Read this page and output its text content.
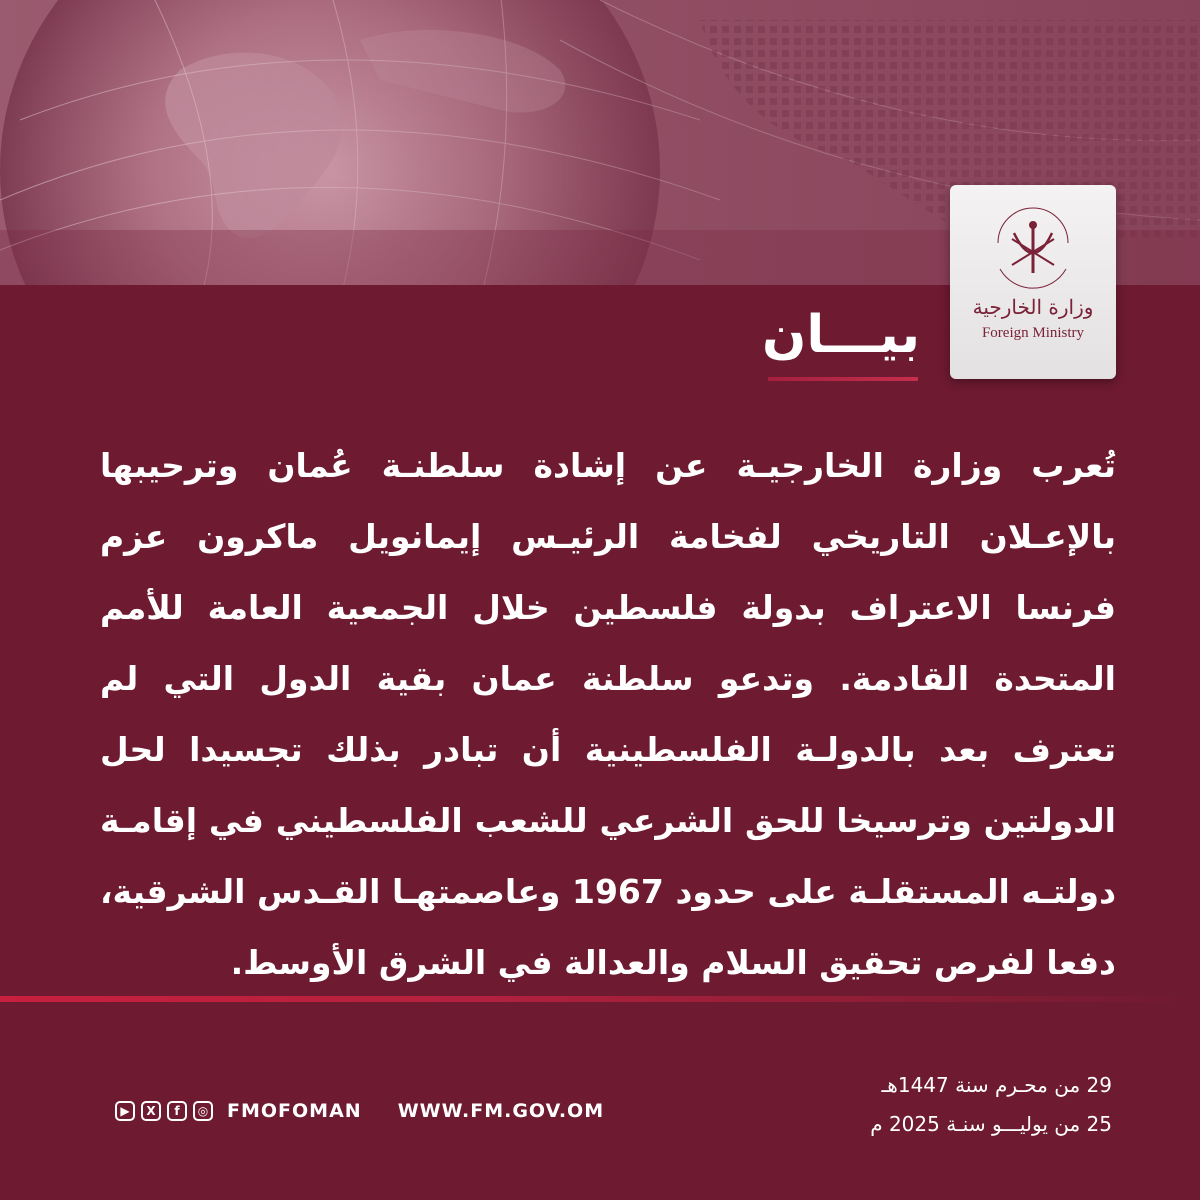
وزارة الخارجية
Foreign Ministry
بيـــان
تُعرب وزارة الخارجيـة عن إشادة سلطنـة عُمان وترحيبها بالإعـلان التاريخي لفخامة الرئيـس إيمانويل ماكرون عزم فرنسا الاعتراف بدولة فلسطين خلال الجمعية العامة للأمم المتحدة القادمة. وتدعو سلطنة عمان بقية الدول التي لم تعترف بعد بالدولـة الفلسطينية أن تبادر بذلك تجسيدا لحل الدولتين وترسيخا للحق الشرعي للشعب الفلسطيني في إقامـة دولتـه المستقلـة على حدود 1967 وعاصمتهـا القـدس الشرقية، دفعا لفرص تحقيق السلام والعدالة في الشرق الأوسط.
29 من محـرم سنة 1447هـ
25 من يوليـــو سنـة 2025 م
▶	X	f	◎ FMOFOMAN WWW.FM.GOV.OM
